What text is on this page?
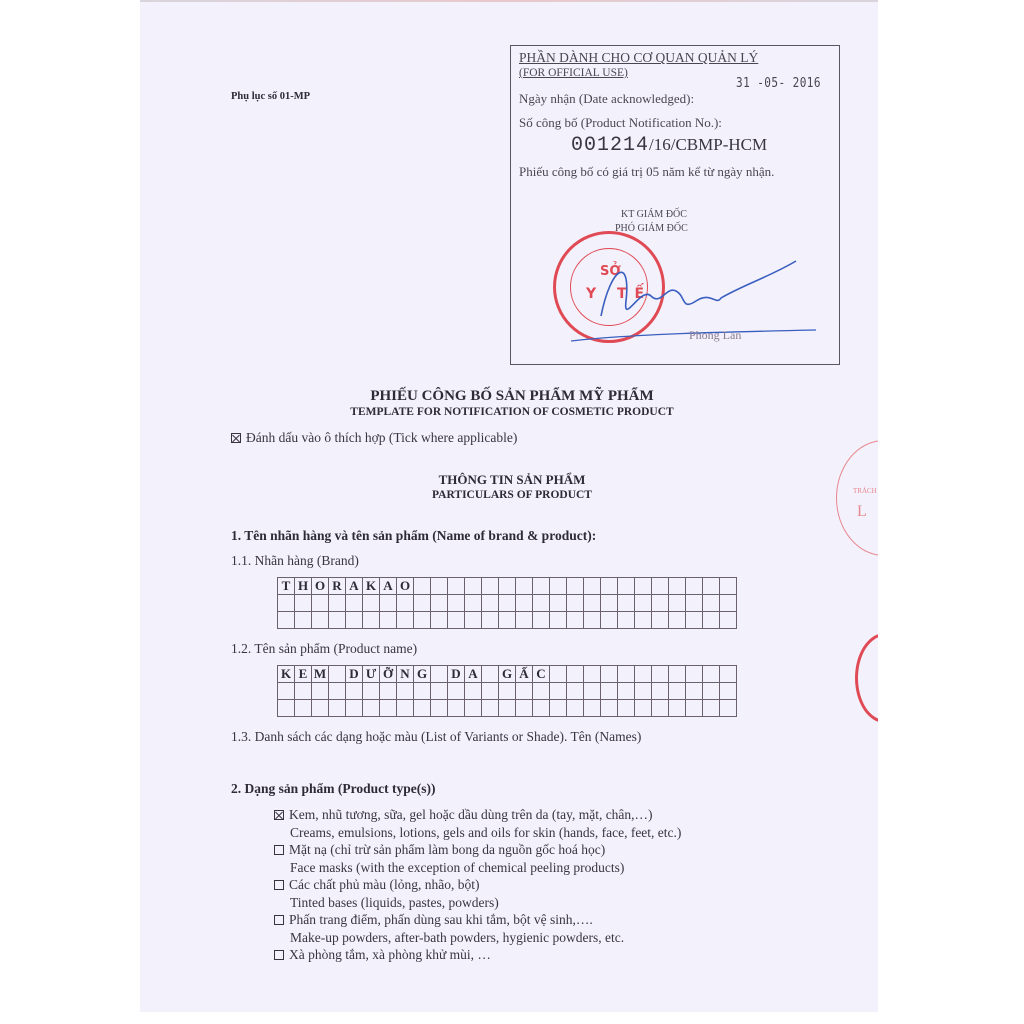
Phụ lục số 01-MP
PHẦN DÀNH CHO CƠ QUAN QUẢN LÝ
(FOR OFFICIAL USE)
Ngày nhận (Date acknowledged):
31 -05- 2016
Số công bố (Product Notification No.):
001214/16/CBMP-HCM
Phiếu công bố có giá trị 05 năm kể từ ngày nhận.
KT GIÁM ĐỐC
PHÓ GIÁM ĐỐC
SỞ
Y TẾ
Phong Lan
PHIẾU CÔNG BỐ SẢN PHẨM MỸ PHẨM
TEMPLATE FOR NOTIFICATION OF COSMETIC PRODUCT
Đánh dấu vào ô thích hợp (Tick where applicable)
THÔNG TIN SẢN PHẨM
PARTICULARS OF PRODUCT
1. Tên nhãn hàng và tên sản phẩm (Name of brand & product):
1.1. Nhãn hàng (Brand)
T	H	O	R	A	K	A	O																			

1.2. Tên sản phẩm (Product name)
K	E	M		D	Ư	Ỡ	N	G		D	A		G	Ấ	C											

1.3. Danh sách các dạng hoặc màu (List of Variants or Shade). Tên (Names)
2. Dạng sản phẩm (Product type(s))
Kem, nhũ tương, sữa, gel hoặc dầu dùng trên da (tay, mặt, chân,…)
Creams, emulsions, lotions, gels and oils for skin (hands, face, feet, etc.)
Mặt nạ (chỉ trừ sản phẩm làm bong da nguồn gốc hoá học)
Face masks (with the exception of chemical peeling products)
Các chất phủ màu (lỏng, nhão, bột)
Tinted bases (liquids, pastes, powders)
Phấn trang điểm, phấn dùng sau khi tắm, bột vệ sinh,….
Make-up powders, after-bath powders, hygienic powders, etc.
Xà phòng tắm, xà phòng khử mùi, …
TRÁCH
L
